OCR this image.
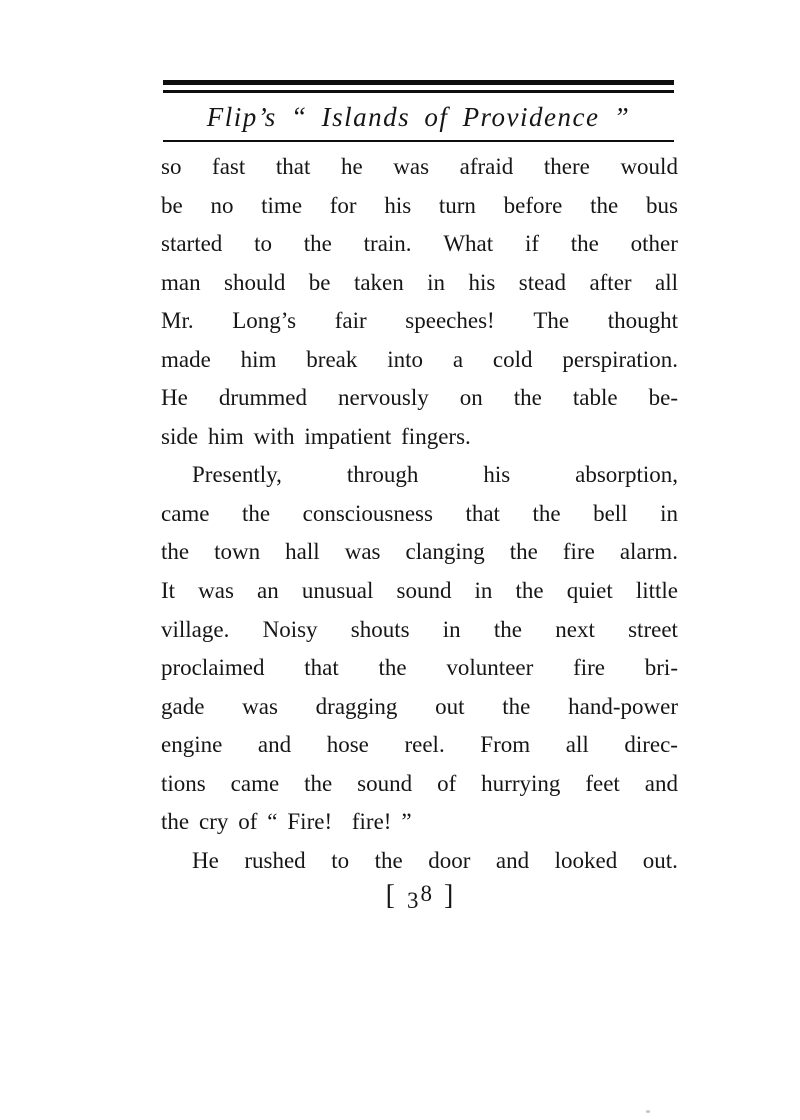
Flip’s “ Islands of Providence ”
so fast that he was afraid there would
be no time for his turn before the bus
started to the train. What if the other
man should be taken in his stead after all
Mr. Long’s fair speeches! The thought
made him break into a cold perspiration.
He drummed nervously on the table be-
side him with impatient fingers.
Presently,	through	his	absorption,
came the consciousness that the bell in
the town hall was clanging the fire alarm.
It was an unusual sound in the quiet little
village. Noisy shouts in the next street
proclaimed that the volunteer fire bri-
gade was dragging out the hand-power
engine and hose reel. From all direc-
tions came the sound of hurrying feet and
the cry of “ Fire!  fire! ”
He rushed to the door and looked out.
[ 38 ]
